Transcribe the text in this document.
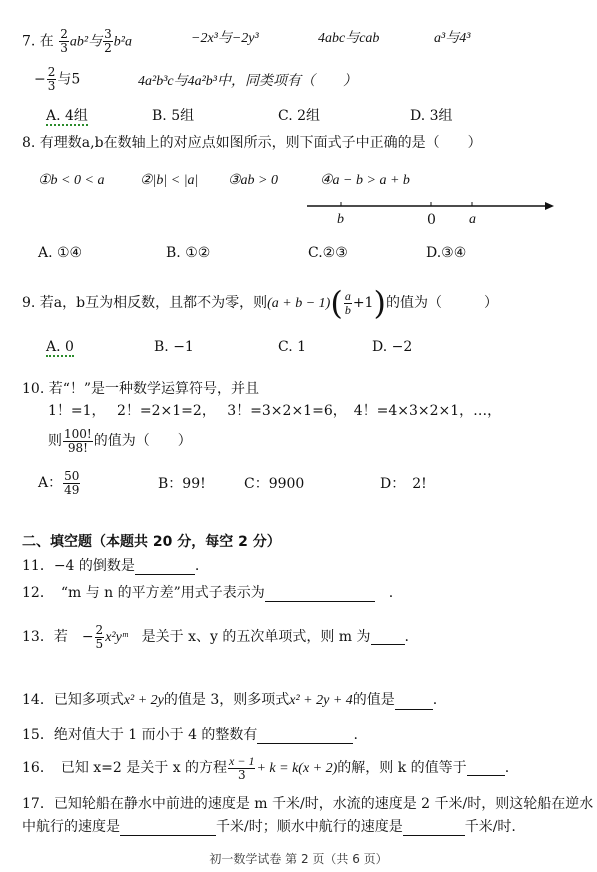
7. 在 $\frac{2}{3} ab^2$与 $\frac{3}{2} b^2a$	−2x³与−2y³	4abc与cab	a³与4³
− $\frac{2}{3}$ 与5	4a²b³c与4a²b³中，同类项有（　　）
A. 4组	B. 5组	C. 2组	D. 3组
8. 有理数a,b在数轴上的对应点如图所示，则下面式子中正确的是（　　）
①b < 0 < a	②|b| < |a| ③ab > 0	④a − b > a + b
b	0 a
A. ①④	B. ①②	C.②③	D.③④
9. 若a，b互为相反数，且都不为零，则$(a + b - 1)( \frac{a}{b} +1)$的值为（　　　）
A. 0	B. −1	C. 1	D. −2
10. 若“！”是一种数学运算符号，并且
1！=1，　 2！=2×1=2，　 3！=3×2×1=6，　4！=4×3×2×1，…，
则 $\frac{100!}{98!}$ 的值为（　　）
A： $\frac{50}{49}$	B：99!	C：9900	D：　2!
二、填空题（本题共 20 分，每空 2 分）
11．−4 的倒数是	.
12．　“m 与 n 的平方差”用式子表示为　	.
13．若　− $\frac{2}{5}$ x²yᵐ　是关于 x、y 的五次单项式，则 m 为 .
14．已知多项式x² + 2y的值是 3，则多项式x² + 2y + 4的值是	.
15．绝对值大于 1 而小于 4 的整数有	.
16．　已知 x=2 是关于 x 的方程 $\frac{x - 1}{3} + k = k(x + 2)$的解，则 k 的值等于	.
17．已知轮船在静水中前进的速度是 m 千米/时，水流的速度是 2 千米/时，则这轮船在逆水
中航行的速度是	千米/时；顺水中航行的速度是	千米/时.
初一数学试卷 第 2 页（共 6 页）
